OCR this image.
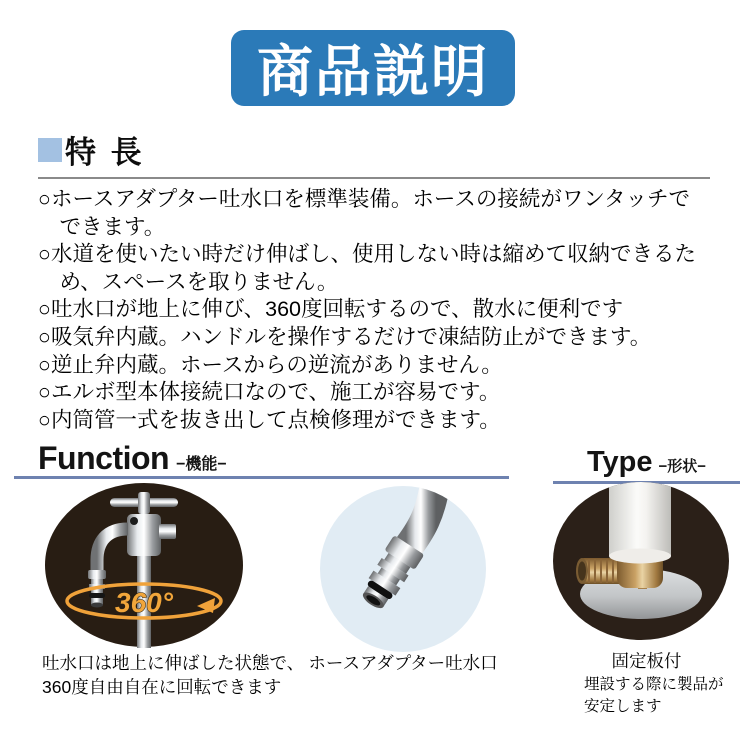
商品説明
特 長
○ホースアダプター吐水口を標準装備。ホースの接続がワンタッチでできます。
○水道を使いたい時だけ伸ばし、使用しない時は縮めて収納できるため、スペースを取りません。
○吐水口が地上に伸び、360度回転するので、散水に便利です
○吸気弁内蔵。ハンドルを操作するだけで凍結防止ができます。
○逆止弁内蔵。ホースからの逆流がありません。
○エルボ型本体接続口なので、施工が容易です。
○内筒管一式を抜き出して点検修理ができます。
Function −機能−	Type −形状−
360°
吐水口は地上に伸ばした状態で、
360度自由自在に回転できます
ホースアダプター吐水口	固定板付
埋設する際に製品が
安定します
